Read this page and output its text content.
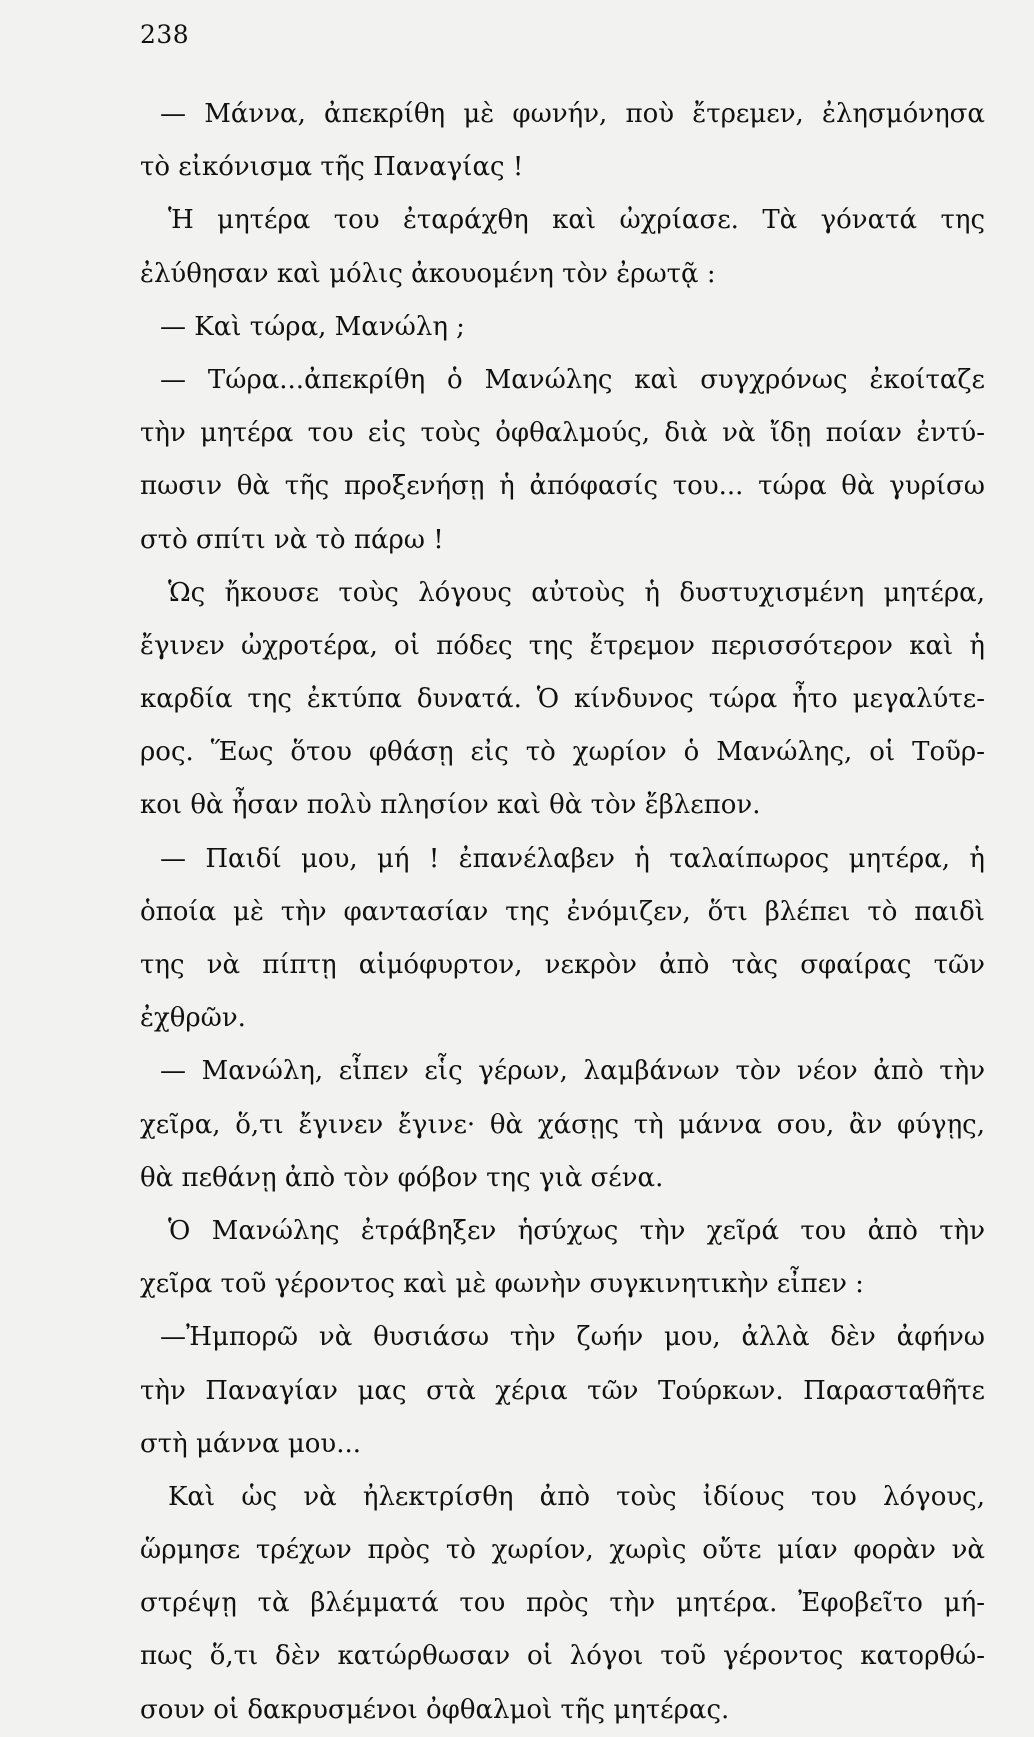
238
— Μάννα, ἀπεκρίθη μὲ φωνήν, ποὺ ἔτρεμεν, ἐλησμόνησα
τὸ εἰκόνισμα τῆς Παναγίας !
Ἡ μητέρα του ἐταράχθη καὶ ὠχρίασε. Τὰ γόνατά της
ἐλύθησαν καὶ μόλις ἀκουομένη τὸν ἐρωτᾷ :
— Καὶ τώρα, Μανώλη ;
— Τώρα...ἀπεκρίθη ὁ Μανώλης καὶ συγχρόνως ἐκοίταζε
τὴν μητέρα του εἰς τοὺς ὀφθαλμούς, διὰ νὰ ἴδῃ ποίαν ἐντύ-
πωσιν θὰ τῆς προξενήσῃ ἡ ἀπόφασίς του... τώρα θὰ γυρίσω
στὸ σπίτι νὰ τὸ πάρω !
Ὡς ἤκουσε τοὺς λόγους αὐτοὺς ἡ δυστυχισμένη μητέρα,
ἔγινεν ὠχροτέρα, οἱ πόδες της ἔτρεμον περισσότερον καὶ ἡ
καρδία της ἐκτύπα δυνατά. Ὁ κίνδυνος τώρα ἦτο μεγαλύτε-
ρος. Ἕως ὅτου φθάσῃ εἰς τὸ χωρίον ὁ Μανώλης, οἱ Τοῦρ-
κοι θὰ ἦσαν πολὺ πλησίον καὶ θὰ τὸν ἔβλεπον.
— Παιδί μου, μή ! ἐπανέλαβεν ἡ ταλαίπωρος μητέρα, ἡ
ὁποία μὲ τὴν φαντασίαν της ἐνόμιζεν, ὅτι βλέπει τὸ παιδὶ
της νὰ πίπτῃ αἱμόφυρτον, νεκρὸν ἀπὸ τὰς σφαίρας τῶν
ἐχθρῶν.
— Μανώλη, εἶπεν εἷς γέρων, λαμβάνων τὸν νέον ἀπὸ τὴν
χεῖρα, ὅ,τι ἔγινεν ἔγινε· θὰ χάσῃς τὴ μάννα σου, ἂν φύγῃς,
θὰ πεθάνῃ ἀπὸ τὸν φόβον της γιὰ σένα.
Ὁ Μανώλης ἐτράβηξεν ἡσύχως τὴν χεῖρά του ἀπὸ τὴν
χεῖρα τοῦ γέροντος καὶ μὲ φωνὴν συγκινητικὴν εἶπεν :
—Ἠμπορῶ νὰ θυσιάσω τὴν ζωήν μου, ἀλλὰ δὲν ἀφήνω
τὴν Παναγίαν μας στὰ χέρια τῶν Τούρκων. Παρασταθῆτε
στὴ μάννα μου...
Καὶ ὡς νὰ ἠλεκτρίσθη ἀπὸ τοὺς ἰδίους του λόγους,
ὥρμησε τρέχων πρὸς τὸ χωρίον, χωρὶς οὔτε μίαν φορὰν νὰ
στρέψῃ τὰ βλέμματά του πρὸς τὴν μητέρα. Ἐφοβεῖτο μή-
πως ὅ,τι δὲν κατώρθωσαν οἱ λόγοι τοῦ γέροντος κατορθώ-
σουν οἱ δακρυσμένοι ὀφθαλμοὶ τῆς μητέρας.
